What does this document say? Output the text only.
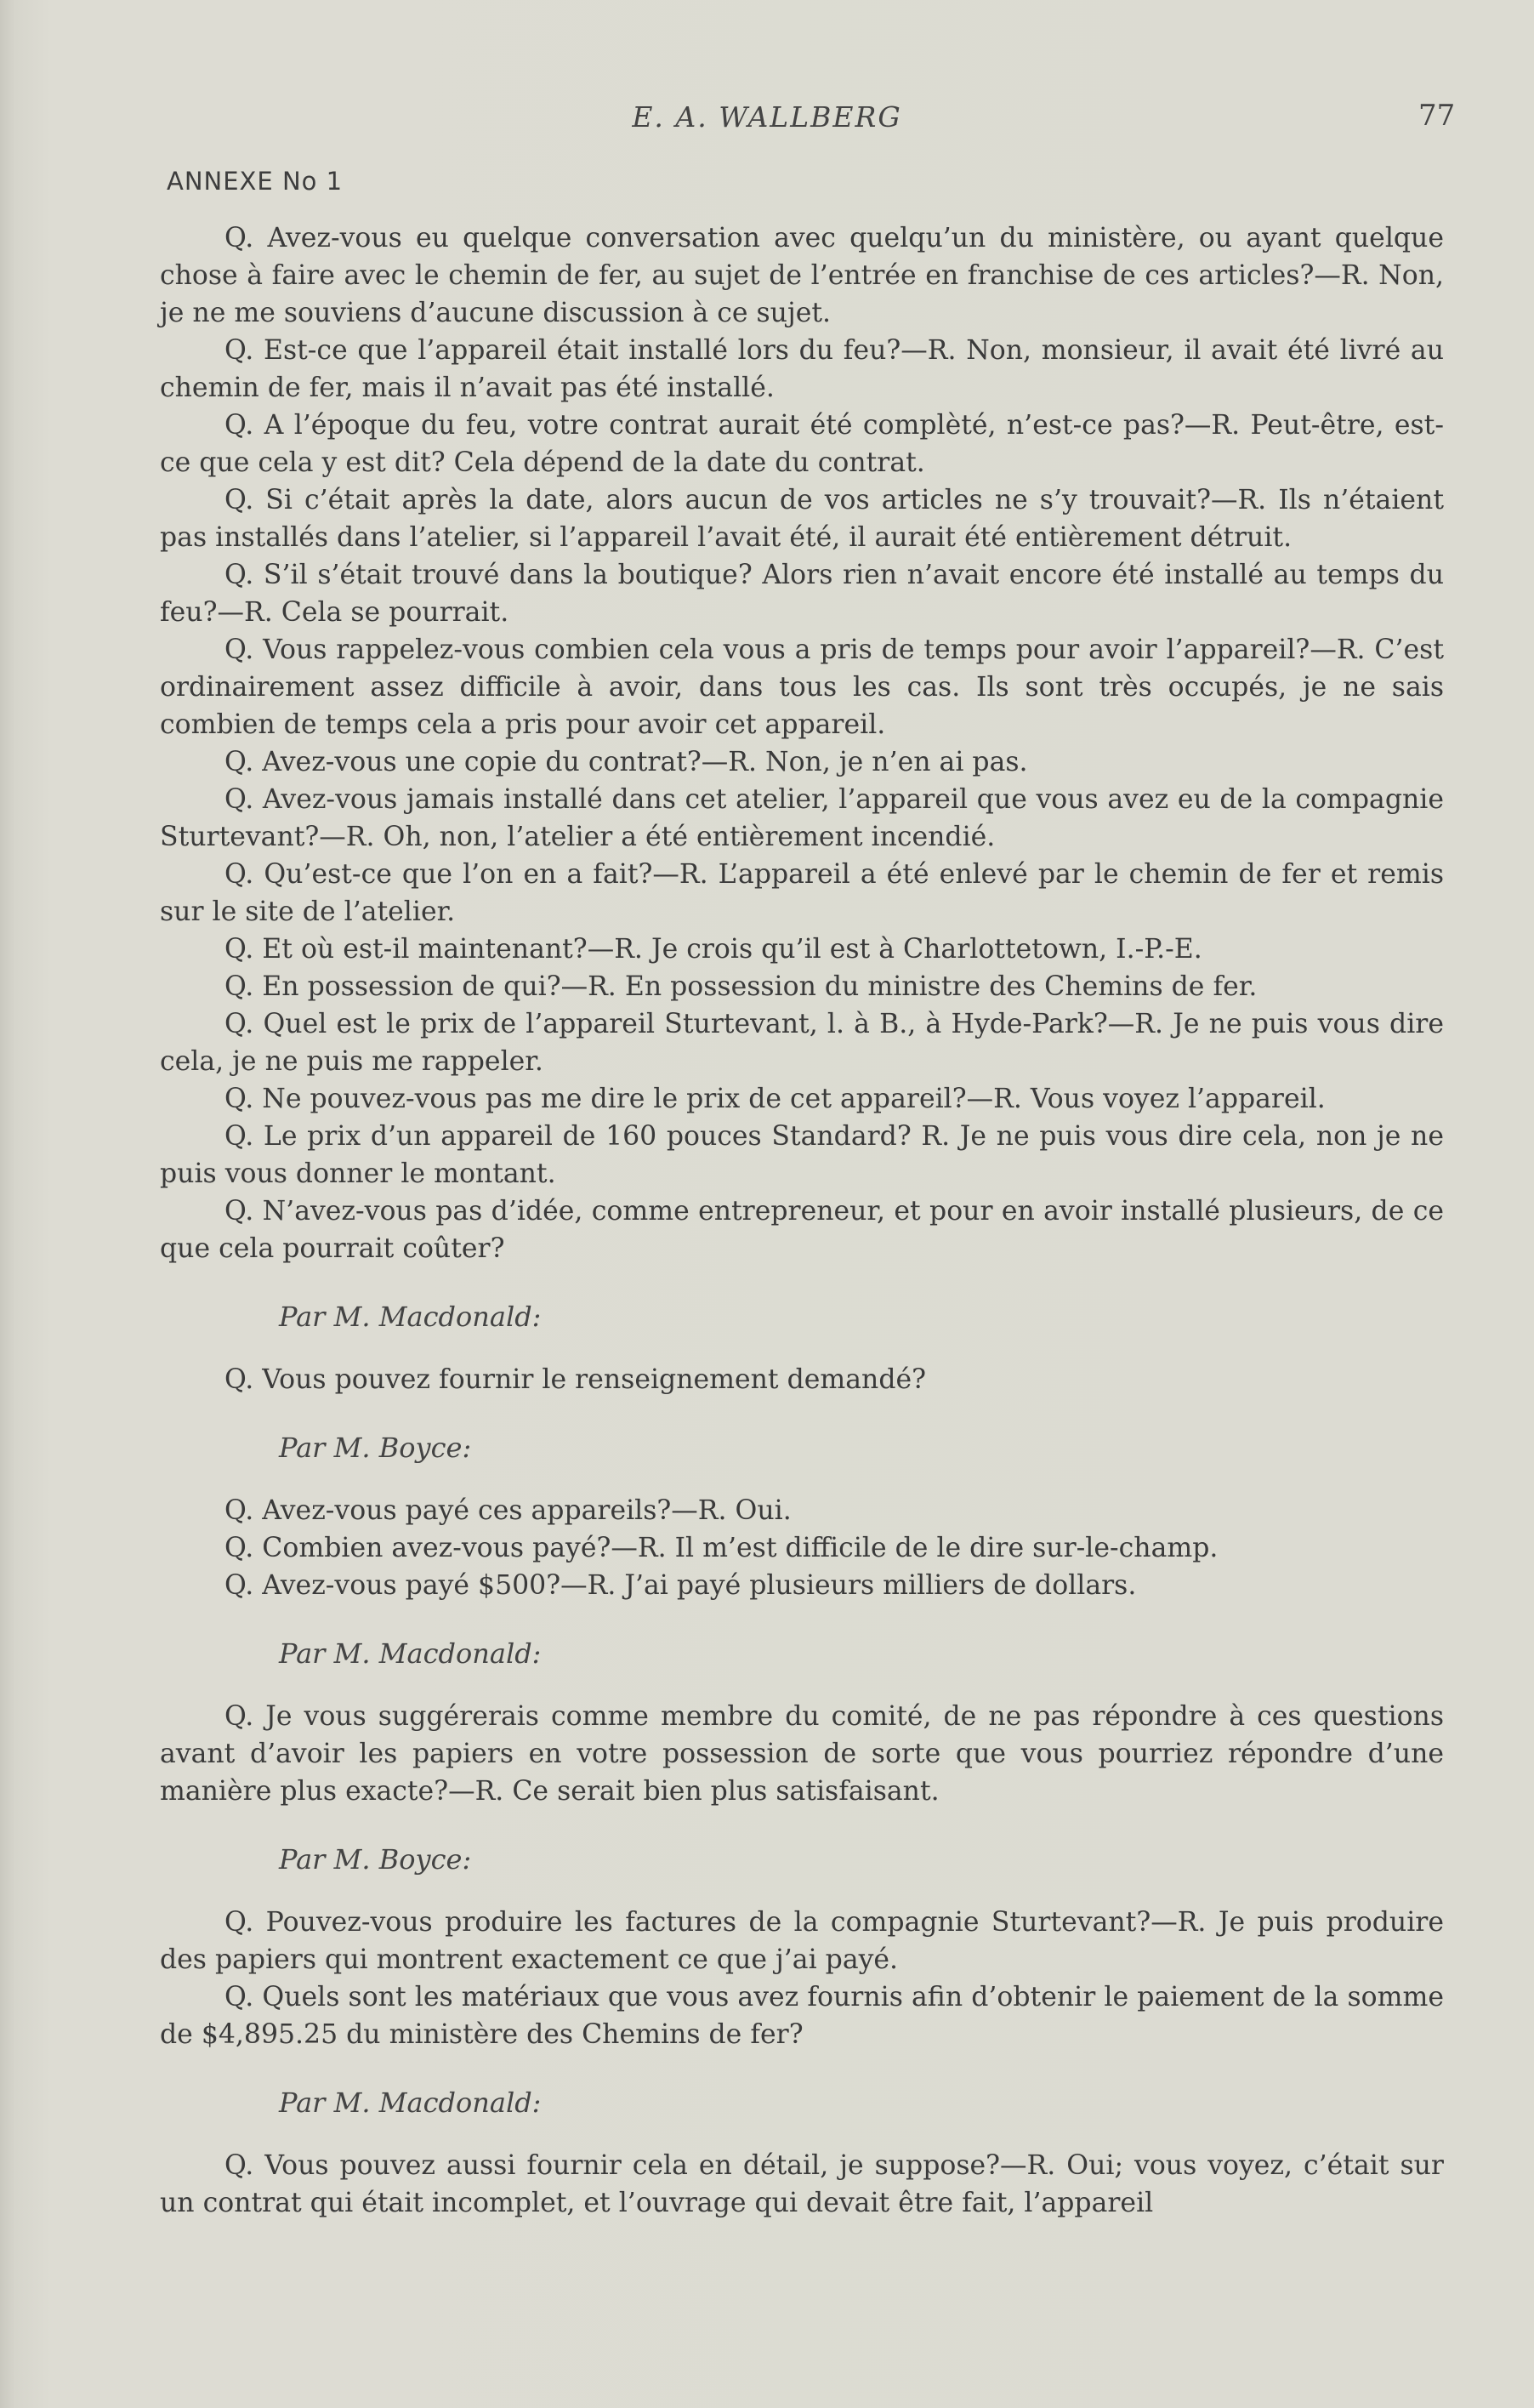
E. A. WALLBERG	77
ANNEXE No 1

Q. Avez-vous eu quelque conversation avec quelqu’un du ministère, ou ayant quelque chose à faire avec le chemin de fer, au sujet de l’entrée en franchise de ces articles?—R. Non, je ne me souviens d’aucune discussion à ce sujet.

Q. Est-ce que l’appareil était installé lors du feu?—R. Non, monsieur, il avait été livré au chemin de fer, mais il n’avait pas été installé.

Q. A l’époque du feu, votre contrat aurait été complèté, n’est-ce pas?—R. Peut-être, est-ce que cela y est dit? Cela dépend de la date du contrat.

Q. Si c’était après la date, alors aucun de vos articles ne s’y trouvait?—R. Ils n’étaient pas installés dans l’atelier, si l’appareil l’avait été, il aurait été entièrement détruit.

Q. S’il s’était trouvé dans la boutique? Alors rien n’avait encore été installé au temps du feu?—R. Cela se pourrait.

Q. Vous rappelez-vous combien cela vous a pris de temps pour avoir l’appareil?—R. C’est ordinairement assez difficile à avoir, dans tous les cas. Ils sont très occupés, je ne sais combien de temps cela a pris pour avoir cet appareil.

Q. Avez-vous une copie du contrat?—R. Non, je n’en ai pas.

Q. Avez-vous jamais installé dans cet atelier, l’appareil que vous avez eu de la compagnie Sturtevant?—R. Oh, non, l’atelier a été entièrement incendié.

Q. Qu’est-ce que l’on en a fait?—R. L’appareil a été enlevé par le chemin de fer et remis sur le site de l’atelier.

Q. Et où est-il maintenant?—R. Je crois qu’il est à Charlottetown, I.-P.-E.

Q. En possession de qui?—R. En possession du ministre des Chemins de fer.

Q. Quel est le prix de l’appareil Sturtevant, l. à B., à Hyde-Park?—R. Je ne puis vous dire cela, je ne puis me rappeler.

Q. Ne pouvez-vous pas me dire le prix de cet appareil?—R. Vous voyez l’appareil.

Q. Le prix d’un appareil de 160 pouces Standard? R. Je ne puis vous dire cela, non je ne puis vous donner le montant.

Q. N’avez-vous pas d’idée, comme entrepreneur, et pour en avoir installé plusieurs, de ce que cela pourrait coûter?

Par M. Macdonald:

Q. Vous pouvez fournir le renseignement demandé?

Par M. Boyce:

Q. Avez-vous payé ces appareils?—R. Oui.

Q. Combien avez-vous payé?—R. Il m’est difficile de le dire sur-le-champ.

Q. Avez-vous payé $500?—R. J’ai payé plusieurs milliers de dollars.

Par M. Macdonald:

Q. Je vous suggérerais comme membre du comité, de ne pas répondre à ces questions avant d’avoir les papiers en votre possession de sorte que vous pourriez répondre d’une manière plus exacte?—R. Ce serait bien plus satisfaisant.

Par M. Boyce:

Q. Pouvez-vous produire les factures de la compagnie Sturtevant?—R. Je puis produire des papiers qui montrent exactement ce que j’ai payé.

Q. Quels sont les matériaux que vous avez fournis afin d’obtenir le paiement de la somme de $4,895.25 du ministère des Chemins de fer?

Par M. Macdonald:

Q. Vous pouvez aussi fournir cela en détail, je suppose?—R. Oui; vous voyez, c’était sur un contrat qui était incomplet, et l’ouvrage qui devait être fait, l’appareil
